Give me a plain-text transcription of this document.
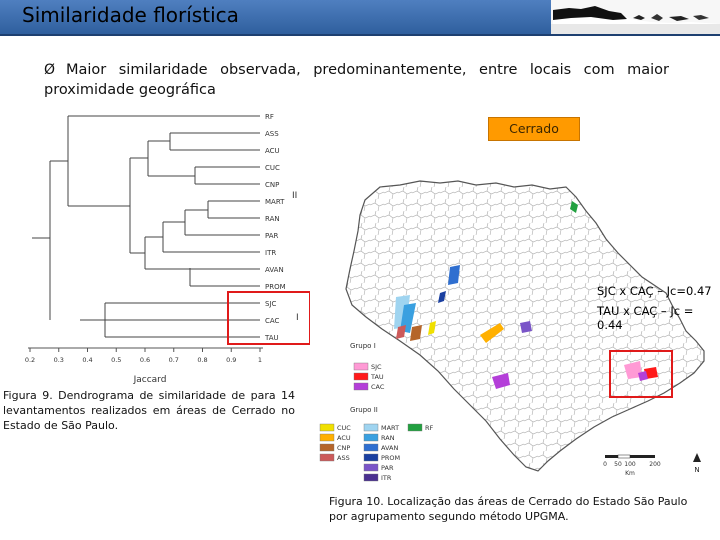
Similaridade florística
Ø Maior similaridade observada, predominantemente, entre locais com maior proximidade geográfica
0.2	0.3	0.4	0.5	0.6	0.7	0.8	0.9	1
RF
ASS
ACU
CUC
CNP
MART
RAN
PAR
ITR
AVAN
PROM
SJC
CAC
TAU
II
I
Jaccard
Figura 9. Dendrograma de similaridade de para 14 levantamentos realizados em áreas de Cerrado no Estado de São Paulo.
Grupo I
SJC
TAU
CAC
Grupo II
CUC
ACU
CNP
ASS
MART
RAN
AVAN
PROM
PAR
ITR
RF
0 50 100 200
Km	N
Cerrado
SJC x CAÇ – Jc=0.47
TAU x CAÇ – Jc = 0.44
Figura 10. Localização das áreas de Cerrado do Estado São Paulo por agrupamento segundo método UPGMA.
